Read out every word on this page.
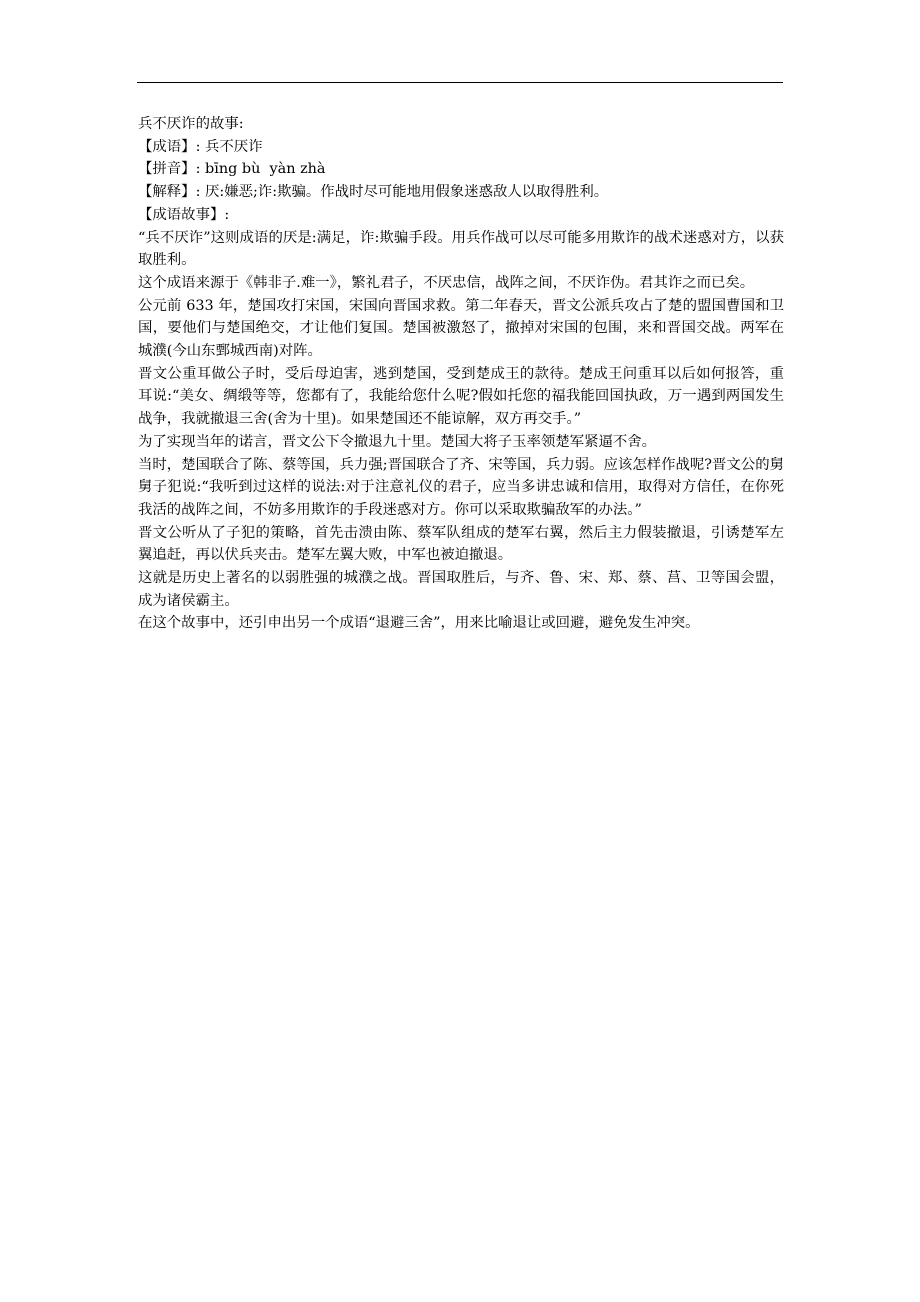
兵不厌诈的故事:

【成语】: 兵不厌诈

【拼音】: bīng bù  yàn zhà

【解释】: 厌:嫌恶;诈:欺骗。作战时尽可能地用假象迷惑敌人以取得胜利。

【成语故事】:

“兵不厌诈”这则成语的厌是:满足，诈:欺骗手段。用兵作战可以尽可能多用欺诈的战术迷惑对方，以获取胜利。

这个成语来源于《韩非子.难一》，繁礼君子，不厌忠信，战阵之间，不厌诈伪。君其诈之而已矣。

公元前 633 年，楚国攻打宋国，宋国向晋国求救。第二年春天，晋文公派兵攻占了楚的盟国曹国和卫国，要他们与楚国绝交，才让他们复国。楚国被激怒了，撤掉对宋国的包围，来和晋国交战。两军在城濮(今山东鄄城西南)对阵。

晋文公重耳做公子时，受后母迫害，逃到楚国，受到楚成王的款待。楚成王问重耳以后如何报答，重耳说:“美女、绸缎等等，您都有了，我能给您什么呢?假如托您的福我能回国执政，万一遇到两国发生战争，我就撤退三舍(舍为十里)。如果楚国还不能谅解，双方再交手。”

为了实现当年的诺言，晋文公下令撤退九十里。楚国大将子玉率领楚军紧逼不舍。

当时，楚国联合了陈、蔡等国，兵力强;晋国联合了齐、宋等国，兵力弱。应该怎样作战呢?晋文公的舅舅子犯说:“我听到过这样的说法:对于注意礼仪的君子，应当多讲忠诚和信用，取得对方信任，在你死我活的战阵之间，不妨多用欺诈的手段迷惑对方。你可以采取欺骗敌军的办法。”

晋文公听从了子犯的策略，首先击溃由陈、蔡军队组成的楚军右翼，然后主力假装撤退，引诱楚军左翼追赶，再以伏兵夹击。楚军左翼大败，中军也被迫撤退。

这就是历史上著名的以弱胜强的城濮之战。晋国取胜后，与齐、鲁、宋、郑、蔡、莒、卫等国会盟，成为诸侯霸主。

在这个故事中，还引申出另一个成语“退避三舍”，用来比喻退让或回避，避免发生冲突。
